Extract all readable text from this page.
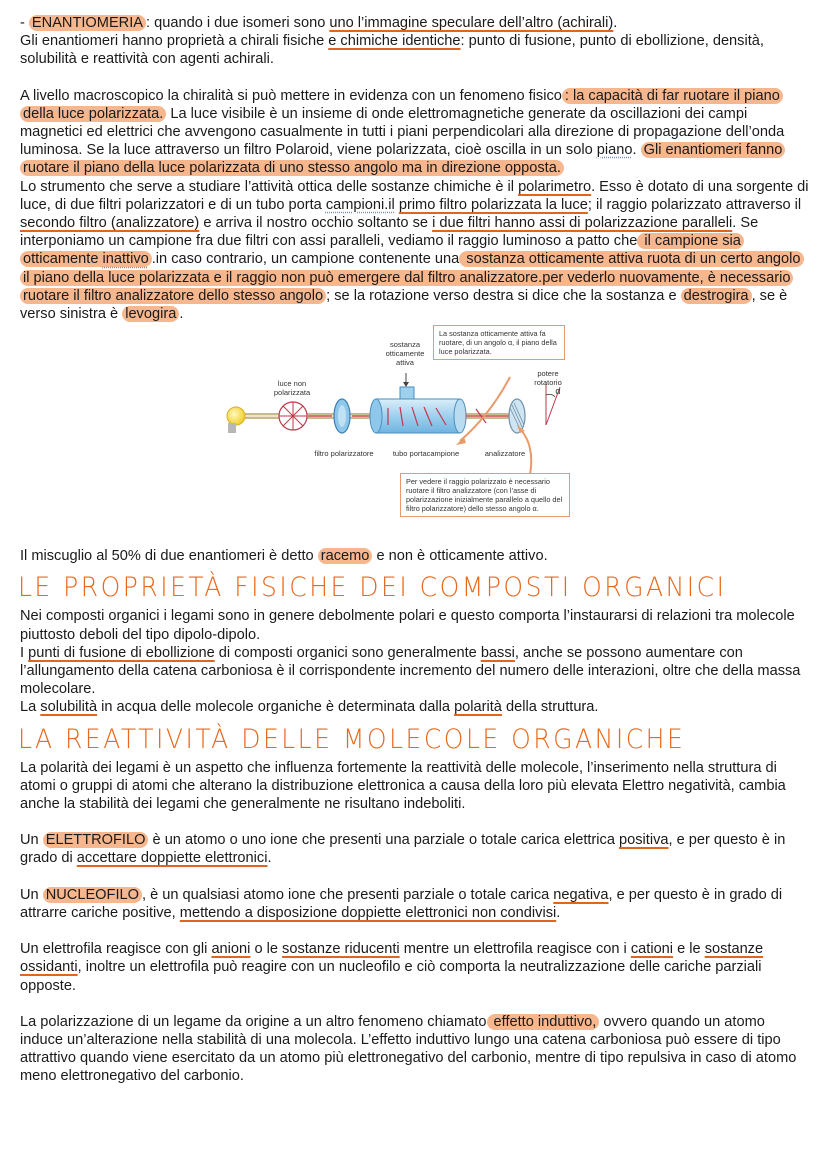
- ENANTIOMERIA : quando i due isomeri sono uno l’immagine speculare dell’altro (achirali).
Gli enantiomeri hanno proprietà a chirali fisiche e chimiche identiche: punto di fusione, punto di ebollizione, densità, solubilità e reattività con agenti achirali.

A livello macroscopico la chiralità si può mettere in evidenza con un fenomeno fisico : la capacità di far ruotare il piano della luce polarizzata. La luce visibile è un insieme di onde elettromagnetiche generate da oscillazioni dei campi magnetici ed elettrici che avvengono casualmente in tutti i piani perpendicolari alla direzione di propagazione dell’onda luminosa. Se la luce attraverso un filtro Polaroid, viene polarizzata, cioè oscilla in un solo piano. Gli enantiomeri fanno ruotare il piano della luce polarizzata di uno stesso angolo ma in direzione opposta.

Lo strumento che serve a studiare l’attività ottica delle sostanze chimiche è il polarimetro. Esso è dotato di una sorgente di luce, di due filtri polarizzatori e di un tubo porta campioni.il primo filtro polarizzata la luce; il raggio polarizzato attraverso il secondo filtro (analizzatore) e arriva il nostro occhio soltanto se i due filtri hanno assi di polarizzazione paralleli. Se interponiamo un campione fra due filtri con assi paralleli, vediamo il raggio luminoso a patto che il campione sia otticamente inattivo .in caso contrario, un campione contenente una sostanza otticamente attiva ruota di un certo angolo il piano della luce polarizzata e il raggio non può emergere dal filtro analizzatore.per vederlo nuovamente, è necessario ruotare il filtro analizzatore dello stesso angolo ; se la rotazione verso destra si dice che la sostanza e destrogira , se è verso sinistra è levogira .

La sostanza otticamente attiva fa ruotare, di un angolo α, il piano della luce polarizzata.
sostanza otticamente attiva
luce non polarizzata
potere rotatorio
α
filtro polarizzatore	tubo portacampione	analizzatore
Per vedere il raggio polarizzato è necessario ruotare il filtro analizzatore (con l’asse di polarizzazione inizialmente parallelo a quello del filtro polarizzatore) dello stesso angolo α.

Il miscuglio al 50% di due enantiomeri è detto racemo e non è otticamente attivo.

LE PROPRIETÀ FISICHE DEI COMPOSTI ORGANICI

Nei composti organici i legami sono in genere debolmente polari e questo comporta l’instaurarsi di relazioni tra molecole piuttosto deboli del tipo dipolo-dipolo.
I punti di fusione di ebollizione di composti organici sono generalmente bassi, anche se possono aumentare con l’allungamento della catena carboniosa è il corrispondente incremento del numero delle interazioni, oltre che della massa molecolare.
La solubilità in acqua delle molecole organiche è determinata dalla polarità della struttura.

LA REATTIVITÀ DELLE MOLECOLE ORGANICHE

La polarità dei legami è un aspetto che influenza fortemente la reattività delle molecole, l’inserimento nella struttura di atomi o gruppi di atomi che alterano la distribuzione elettronica a causa della loro più elevata Elettro negatività, cambia anche la stabilità dei legami che generalmente ne risultano indeboliti.

Un ELETTROFILO è un atomo o uno ione che presenti una parziale o totale carica elettrica positiva, e per questo è in grado di accettare doppiette elettronici.

Un NUCLEOFILO , è un qualsiasi atomo ione che presenti parziale o totale carica negativa, e per questo è in grado di attrarre cariche positive, mettendo a disposizione doppiette elettronici non condivisi.

Un elettrofila reagisce con gli anioni o le sostanze riducenti mentre un elettrofila reagisce con i cationi e le sostanze ossidanti, inoltre un elettrofila può reagire con un nucleofilo e ciò comporta la neutralizzazione delle cariche parziali opposte.

La polarizzazione di un legame da origine a un altro fenomeno chiamato effetto induttivo, ovvero quando un atomo induce un’alterazione nella stabilità di una molecola. L’effetto induttivo lungo una catena carboniosa può essere di tipo attrattivo quando viene esercitato da un atomo più elettronegativo del carbonio, mentre di tipo repulsiva in caso di atomo meno elettronegativo del carbonio.
